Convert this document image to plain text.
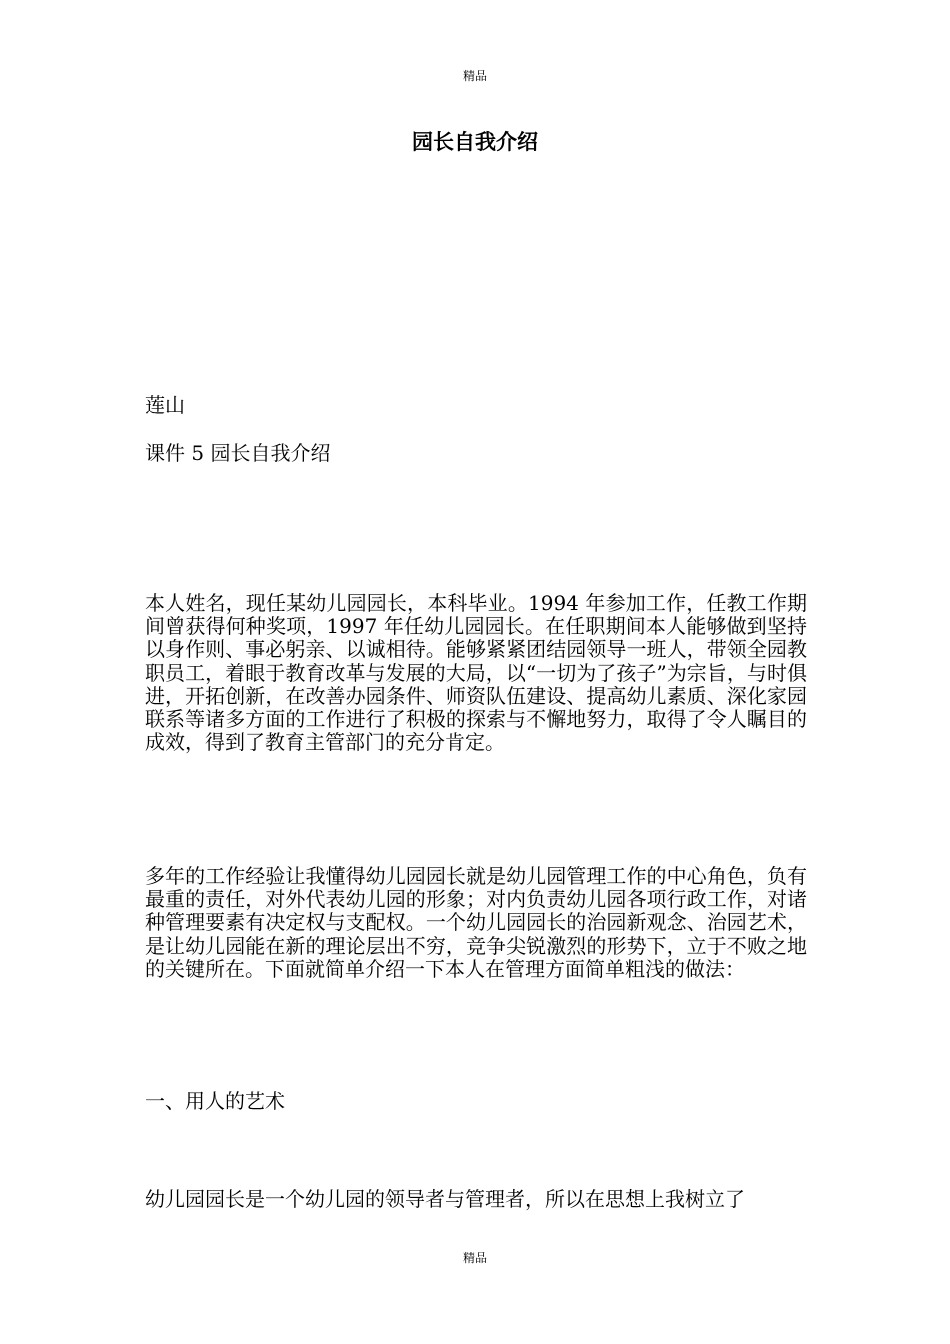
精品
园长自我介绍
莲山
课件 5 园长自我介绍
本人姓名，现任某幼儿园园长，本科毕业。1994 年参加工作，任教工作期间曾获得何种奖项，1997 年任幼儿园园长。在任职期间本人能够做到坚持以身作则、事必躬亲、以诚相待。能够紧紧团结园领导一班人，带领全园教职员工，着眼于教育改革与发展的大局，以“一切为了孩子”为宗旨，与时俱进，开拓创新，在改善办园条件、师资队伍建设、提高幼儿素质、深化家园联系等诸多方面的工作进行了积极的探索与不懈地努力，取得了令人瞩目的成效，得到了教育主管部门的充分肯定。
多年的工作经验让我懂得幼儿园园长就是幼儿园管理工作的中心角色，负有最重的责任，对外代表幼儿园的形象；对内负责幼儿园各项行政工作，对诸种管理要素有决定权与支配权。一个幼儿园园长的治园新观念、治园艺术，是让幼儿园能在新的理论层出不穷，竞争尖锐激烈的形势下，立于不败之地的关键所在。下面就简单介绍一下本人在管理方面简单粗浅的做法：
一、用人的艺术
幼儿园园长是一个幼儿园的领导者与管理者，所以在思想上我树立了
精品
